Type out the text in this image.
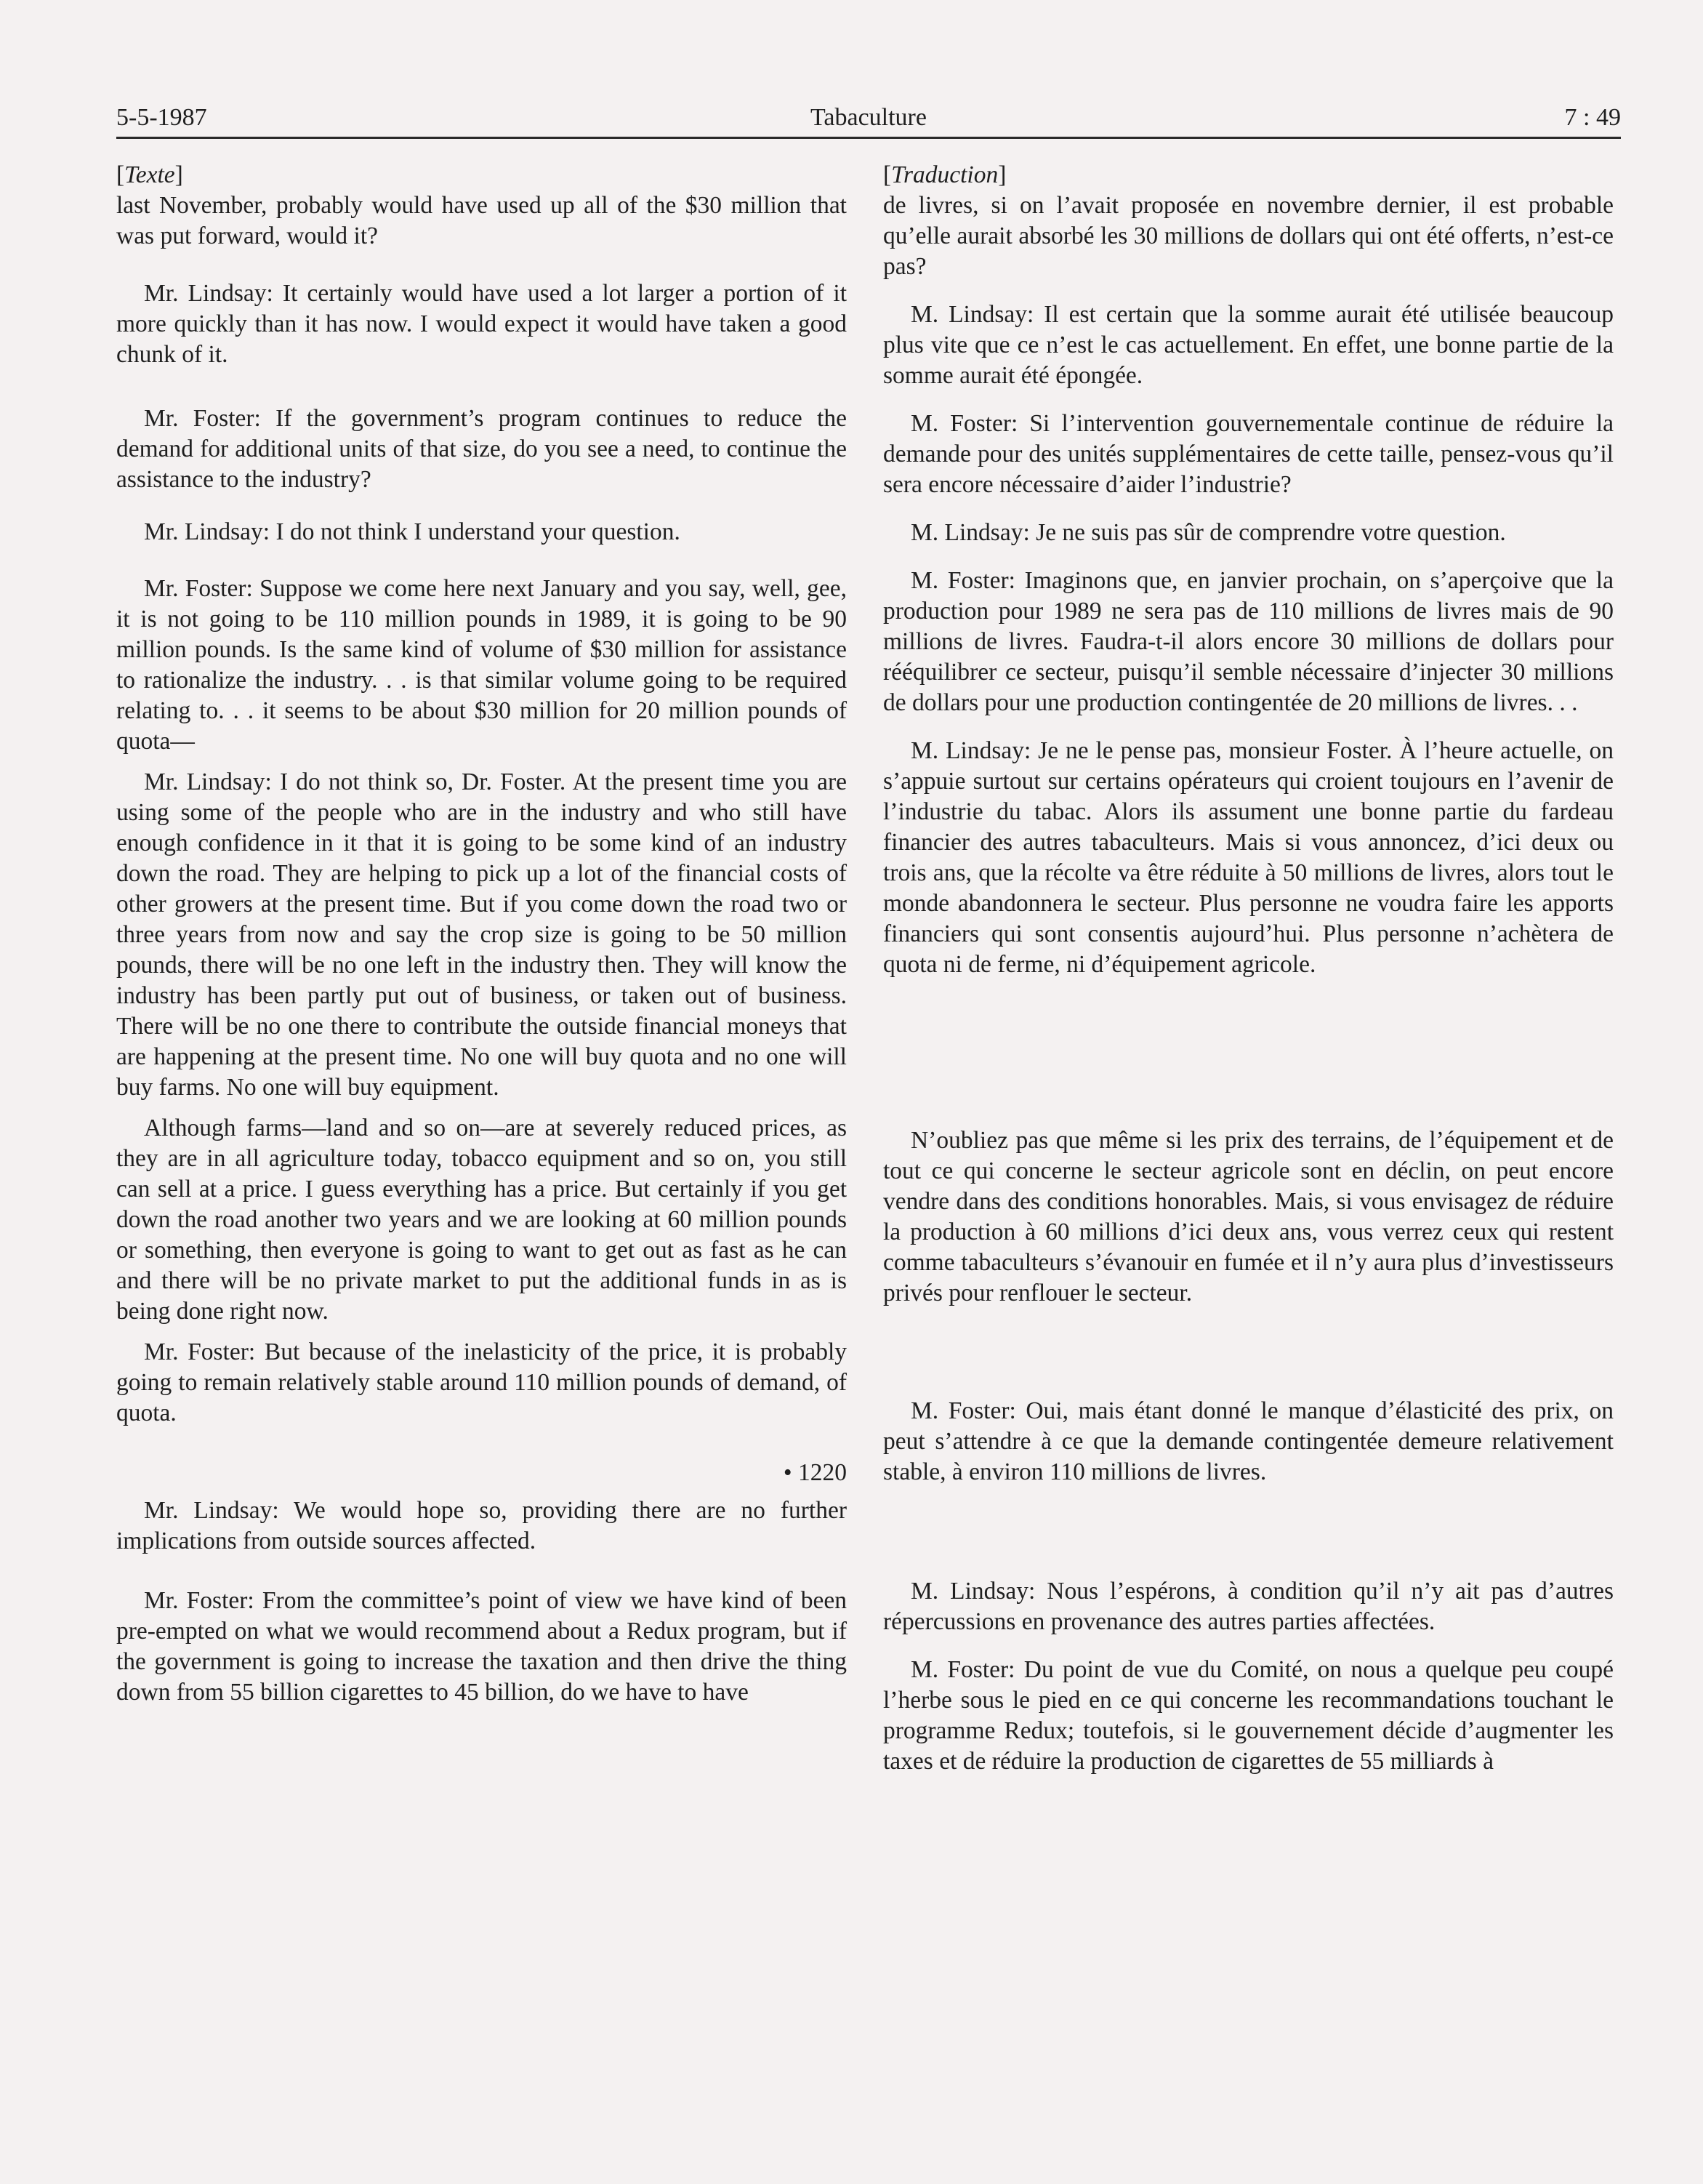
5-5-1987	Tabaculture	7 : 49

[Texte]

last November, probably would have used up all of the $30 million that was put forward, would it?

Mr. Lindsay: It certainly would have used a lot larger a portion of it more quickly than it has now. I would expect it would have taken a good chunk of it.

Mr. Foster: If the government’s program continues to reduce the demand for additional units of that size, do you see a need, to continue the assistance to the industry?

Mr. Lindsay: I do not think I understand your question.

Mr. Foster: Suppose we come here next January and you say, well, gee, it is not going to be 110 million pounds in 1989, it is going to be 90 million pounds. Is the same kind of volume of $30 million for assistance to rationalize the industry. . . is that similar volume going to be required relating to. . . it seems to be about $30 million for 20 million pounds of quota—

Mr. Lindsay: I do not think so, Dr. Foster. At the present time you are using some of the people who are in the industry and who still have enough confidence in it that it is going to be some kind of an industry down the road. They are helping to pick up a lot of the financial costs of other growers at the present time. But if you come down the road two or three years from now and say the crop size is going to be 50 million pounds, there will be no one left in the industry then. They will know the industry has been partly put out of business, or taken out of business. There will be no one there to contribute the outside financial moneys that are happening at the present time. No one will buy quota and no one will buy farms. No one will buy equipment.

Although farms—land and so on—are at severely reduced prices, as they are in all agriculture today, tobacco equipment and so on, you still can sell at a price. I guess everything has a price. But certainly if you get down the road another two years and we are looking at 60 million pounds or something, then everyone is going to want to get out as fast as he can and there will be no private market to put the additional funds in as is being done right now.

Mr. Foster: But because of the inelasticity of the price, it is probably going to remain relatively stable around 110 million pounds of demand, of quota.

• 1220

Mr. Lindsay: We would hope so, providing there are no further implications from outside sources affected.

Mr. Foster: From the committee’s point of view we have kind of been pre-empted on what we would recommend about a Redux program, but if the government is going to increase the taxation and then drive the thing down from 55 billion cigarettes to 45 billion, do we have to have

[Traduction]

de livres, si on l’avait proposée en novembre dernier, il est probable qu’elle aurait absorbé les 30 millions de dollars qui ont été offerts, n’est-ce pas?

M. Lindsay: Il est certain que la somme aurait été utilisée beaucoup plus vite que ce n’est le cas actuellement. En effet, une bonne partie de la somme aurait été épongée.

M. Foster: Si l’intervention gouvernementale continue de réduire la demande pour des unités supplémentaires de cette taille, pensez-vous qu’il sera encore nécessaire d’aider l’industrie?

M. Lindsay: Je ne suis pas sûr de comprendre votre question.

M. Foster: Imaginons que, en janvier prochain, on s’aperçoive que la production pour 1989 ne sera pas de 110 millions de livres mais de 90 millions de livres. Faudra-t-il alors encore 30 millions de dollars pour rééquilibrer ce secteur, puisqu’il semble nécessaire d’injecter 30 millions de dollars pour une production contingentée de 20 millions de livres. . .

M. Lindsay: Je ne le pense pas, monsieur Foster. À l’heure actuelle, on s’appuie surtout sur certains opérateurs qui croient toujours en l’avenir de l’industrie du tabac. Alors ils assument une bonne partie du fardeau financier des autres tabaculteurs. Mais si vous annoncez, d’ici deux ou trois ans, que la récolte va être réduite à 50 millions de livres, alors tout le monde abandonnera le secteur. Plus personne ne voudra faire les apports financiers qui sont consentis aujourd’hui. Plus personne n’achètera de quota ni de ferme, ni d’équipement agricole.

N’oubliez pas que même si les prix des terrains, de l’équipement et de tout ce qui concerne le secteur agricole sont en déclin, on peut encore vendre dans des conditions honorables. Mais, si vous envisagez de réduire la production à 60 millions d’ici deux ans, vous verrez ceux qui restent comme tabaculteurs s’évanouir en fumée et il n’y aura plus d’investisseurs privés pour renflouer le secteur.

M. Foster: Oui, mais étant donné le manque d’élasticité des prix, on peut s’attendre à ce que la demande contingentée demeure relativement stable, à environ 110 millions de livres.

M. Lindsay: Nous l’espérons, à condition qu’il n’y ait pas d’autres répercussions en provenance des autres parties affectées.

M. Foster: Du point de vue du Comité, on nous a quelque peu coupé l’herbe sous le pied en ce qui concerne les recommandations touchant le programme Redux; toutefois, si le gouvernement décide d’augmenter les taxes et de réduire la production de cigarettes de 55 milliards à
